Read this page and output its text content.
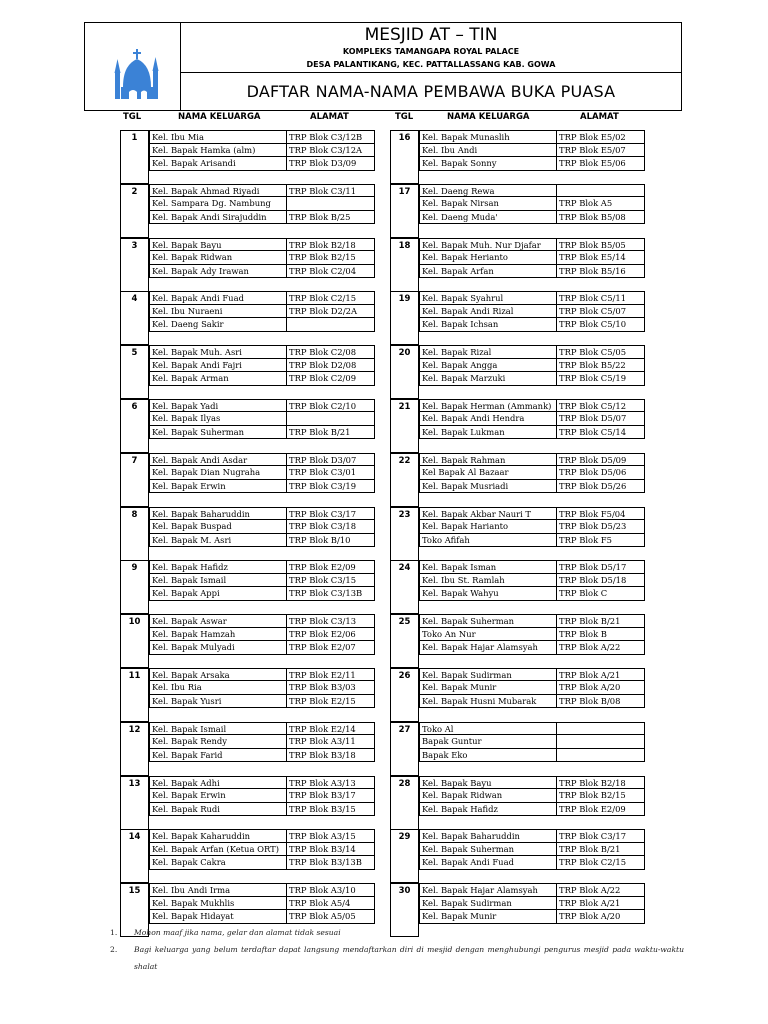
MESJID AT – TIN
KOMPLEKS TAMANGAPA ROYAL PALACE
DESA PALANTIKANG, KEC. PATTALLASSANG KAB. GOWA
DAFTAR NAMA-NAMA PEMBAWA BUKA PUASA
TGL	NAMA KELUARGA	ALAMAT	TGL	NAMA KELUARGA	ALAMAT
1	Kel. Ibu Mia	TRP Blok C3/12B
Kel. Bapak Hamka (alm)	TRP Blok C3/12A
Kel. Bapak Arisandi	TRP Blok D3/09
2	Kel. Bapak Ahmad Riyadi	TRP Blok C3/11
Kel. Sampara Dg. Nambung
Kel. Bapak Andi Sirajuddin	TRP Blok B/25
3	Kel. Bapak Bayu	TRP Blok B2/18
Kel. Bapak Ridwan	TRP Blok B2/15
Kel. Bapak Ady Irawan	TRP Blok C2/04
4	Kel. Bapak Andi Fuad	TRP Blok C2/15
Kel. Ibu Nuraeni	TRP Blok D2/2A
Kel. Daeng Sakir
5	Kel. Bapak Muh. Asri	TRP Blok C2/08
Kel. Bapak Andi Fajri	TRP Blok D2/08
Kel. Bapak Arman	TRP Blok C2/09
6	Kel. Bapak Yadi	TRP Blok C2/10
Kel. Bapak Ilyas
Kel. Bapak Suherman	TRP Blok B/21
7	Kel. Bapak Andi Asdar	TRP Blok D3/07
Kel. Bapak Dian Nugraha	TRP Blok C3/01
Kel. Bapak Erwin	TRP Blok C3/19
8	Kel. Bapak Baharuddin	TRP Blok C3/17
Kel. Bapak Buspad	TRP Blok C3/18
Kel. Bapak M. Asri	TRP Blok B/10
9	Kel. Bapak Hafidz	TRP Blok E2/09
Kel. Bapak Ismail	TRP Blok C3/15
Kel. Bapak Appi	TRP Blok C3/13B
10	Kel. Bapak Aswar	TRP Blok C3/13
Kel. Bapak Hamzah	TRP Blok E2/06
Kel. Bapak Mulyadi	TRP Blok E2/07
11	Kel. Bapak Arsaka	TRP Blok E2/11
Kel. Ibu Ria	TRP Blok B3/03
Kel. Bapak Yusri	TRP Blok E2/15
12	Kel. Bapak Ismail	TRP Blok E2/14
Kel. Bapak Rendy	TRP Blok A3/11
Kel. Bapak Farid	TRP Blok B3/18
13	Kel. Bapak Adhi	TRP Blok A3/13
Kel. Bapak Erwin	TRP Blok B3/17
Kel. Bapak Rudi	TRP Blok B3/15
14	Kel. Bapak Kaharuddin	TRP Blok A3/15
Kel. Bapak Arfan (Ketua ORT)	TRP Blok B3/14
Kel. Bapak Cakra	TRP Blok B3/13B
15	Kel. Ibu Andi Irma	TRP Blok A3/10
Kel. Bapak Mukhlis	TRP Blok A5/4
Kel. Bapak Hidayat	TRP Blok A5/05
16	Kel. Bapak Munaslih	TRP Blok E5/02
Kel. Ibu Andi	TRP Blok E5/07
Kel. Bapak Sonny	TRP Blok E5/06
17	Kel. Daeng Rewa
Kel. Bapak Nirsan	TRP Blok A5
Kel. Daeng Muda'	TRP Blok B5/08
18	Kel. Bapak Muh. Nur Djafar	TRP Blok B5/05
Kel. Bapak Herianto	TRP Blok E5/14
Kel. Bapak Arfan	TRP Blok B5/16
19	Kel. Bapak Syahrul	TRP Blok C5/11
Kel. Bapak Andi Rizal	TRP Blok C5/07
Kel. Bapak Ichsan	TRP Blok C5/10
20	Kel. Bapak Rizal	TRP Blok C5/05
Kel. Bapak Angga	TRP Blok B5/22
Kel. Bapak Marzuki	TRP Blok C5/19
21	Kel. Bapak Herman (Ammank) TRP Blok C5/12
Kel. Bapak Andi Hendra	TRP Blok D5/07
Kel. Bapak Lukman	TRP Blok C5/14
22	Kel. Bapak Rahman	TRP Blok D5/09
Kel Bapak Al Bazaar	TRP Blok D5/06
Kel. Bapak Musriadi	TRP Blok D5/26
23	Kel. Bapak Akbar Nauri T	TRP Blok F5/04
Kel. Bapak Harianto	TRP Blok D5/23
Toko Afifah	TRP Blok F5
24	Kel. Bapak Isman	TRP Blok D5/17
Kel. Ibu St. Ramlah	TRP Blok D5/18
Kel. Bapak Wahyu	TRP Blok C
25	Kel. Bapak Suherman	TRP Blok B/21
Toko An Nur	TRP Blok B
Kel. Bapak Hajar Alamsyah	TRP Blok A/22
26	Kel. Bapak Sudirman	TRP Blok A/21
Kel. Bapak Munir	TRP Blok A/20
Kel. Bapak Husni Mubarak	TRP Blok B/08
27	Toko Al
Bapak Guntur
Bapak Eko
28	Kel. Bapak Bayu	TRP Blok B2/18
Kel. Bapak Ridwan	TRP Blok B2/15
Kel. Bapak Hafidz	TRP Blok E2/09
29	Kel. Bapak Baharuddin	TRP Blok C3/17
Kel. Bapak Suherman	TRP Blok B/21
Kel. Bapak Andi Fuad	TRP Blok C2/15
30	Kel. Bapak Hajar Alamsyah	TRP Blok A/22
Kel. Bapak Sudirman	TRP Blok A/21
Kel. Bapak Munir	TRP Blok A/20
1.	Mohon maaf jika nama, gelar dan alamat tidak sesuai
2.	Bagi keluarga yang belum terdaftar dapat langsung mendaftarkan diri di mesjid dengan menghubungi pengurus mesjid pada waktu-waktu shalat
